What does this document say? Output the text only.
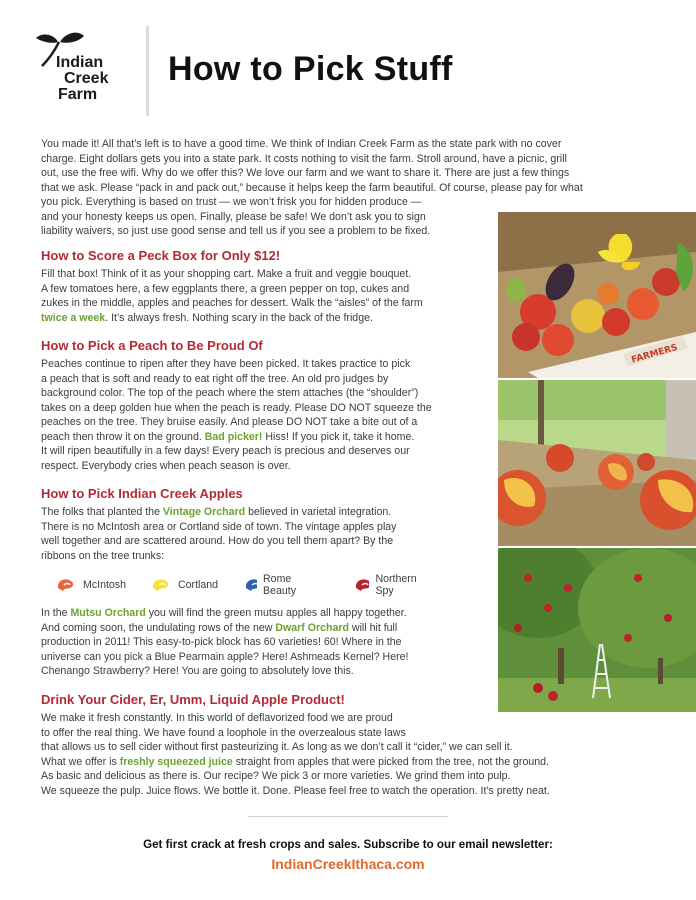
Indian
Creek
Farm
How to Pick Stuff
You made it! All that’s left is to have a good time. We think of Indian Creek Farm as the state park with no cover
charge. Eight dollars gets you into a state park. It costs nothing to visit the farm. Stroll around, have a picnic, grill
out, use the free wifi. Why do we offer this? We love our farm and we want to share it. There are just a few things
that we ask. Please “pack in and pack out,” because it helps keep the farm beautiful. Of course, please pay for what
you pick. Everything is based on trust — we won’t frisk you for hidden produce —
and your honesty keeps us open. Finally, please be safe! We don’t ask you to sign
liability waivers, so just use good sense and tell us if you see a problem to be fixed.
How to Score a Peck Box for Only $12!
Fill that box! Think of it as your shopping cart. Make a fruit and veggie bouquet.
A few tomatoes here, a few eggplants there, a green pepper on top, cukes and
zukes in the middle, apples and peaches for dessert. Walk the “aisles” of the farm
twice a week. It’s always fresh. Nothing scary in the back of the fridge.
How to Pick a Peach to Be Proud Of
Peaches continue to ripen after they have been picked. It takes practice to pick
a peach that is soft and ready to eat right off the tree. An old pro judges by
background color. The top of the peach where the stem attaches (the “shoulder”)
takes on a deep golden hue when the peach is ready. Please DO NOT squeeze the
peaches on the tree. They bruise easily. And please DO NOT take a bite out of a
peach then throw it on the ground. Bad picker! Hiss! If you pick it, take it home.
It will ripen beautifully in a few days! Every peach is precious and deserves our
respect. Everybody cries when peach season is over.
How to Pick Indian Creek Apples
The folks that planted the Vintage Orchard believed in varietal integration.
There is no McIntosh area or Cortland side of town. The vintage apples play
well together and are scattered around. How do you tell them apart? By the
ribbons on the tree trunks:
McIntosh	Cortland	Rome Beauty
Northern Spy
In the Mutsu Orchard you will find the green mutsu apples all happy together.
And coming soon, the undulating rows of the new Dwarf Orchard will hit full
production in 2011! This easy-to-pick block has 60 varieties! 60! Where in the
universe can you pick a Blue Pearmain apple? Here! Ashmeads Kernel? Here!
Chenango Strawberry? Here! You are going to absolutely love this.
Drink Your Cider, Er, Umm, Liquid Apple Product!
We make it fresh constantly. In this world of deflavorized food we are proud
to offer the real thing. We have found a loophole in the overzealous state laws
that allows us to sell cider without first pasteurizing it. As long as we don’t call it “cider,” we can sell it.
What we offer is freshly squeezed juice straight from apples that were picked from the tree, not the ground.
As basic and delicious as there is. Our recipe? We pick 3 or more varieties. We grind them into pulp.
We squeeze the pulp. Juice flows. We bottle it. Done. Please feel free to watch the operation. It’s pretty neat.
FARMERS
Get first crack at fresh crops and sales. Subscribe to our email newsletter:
IndianCreekIthaca.com
